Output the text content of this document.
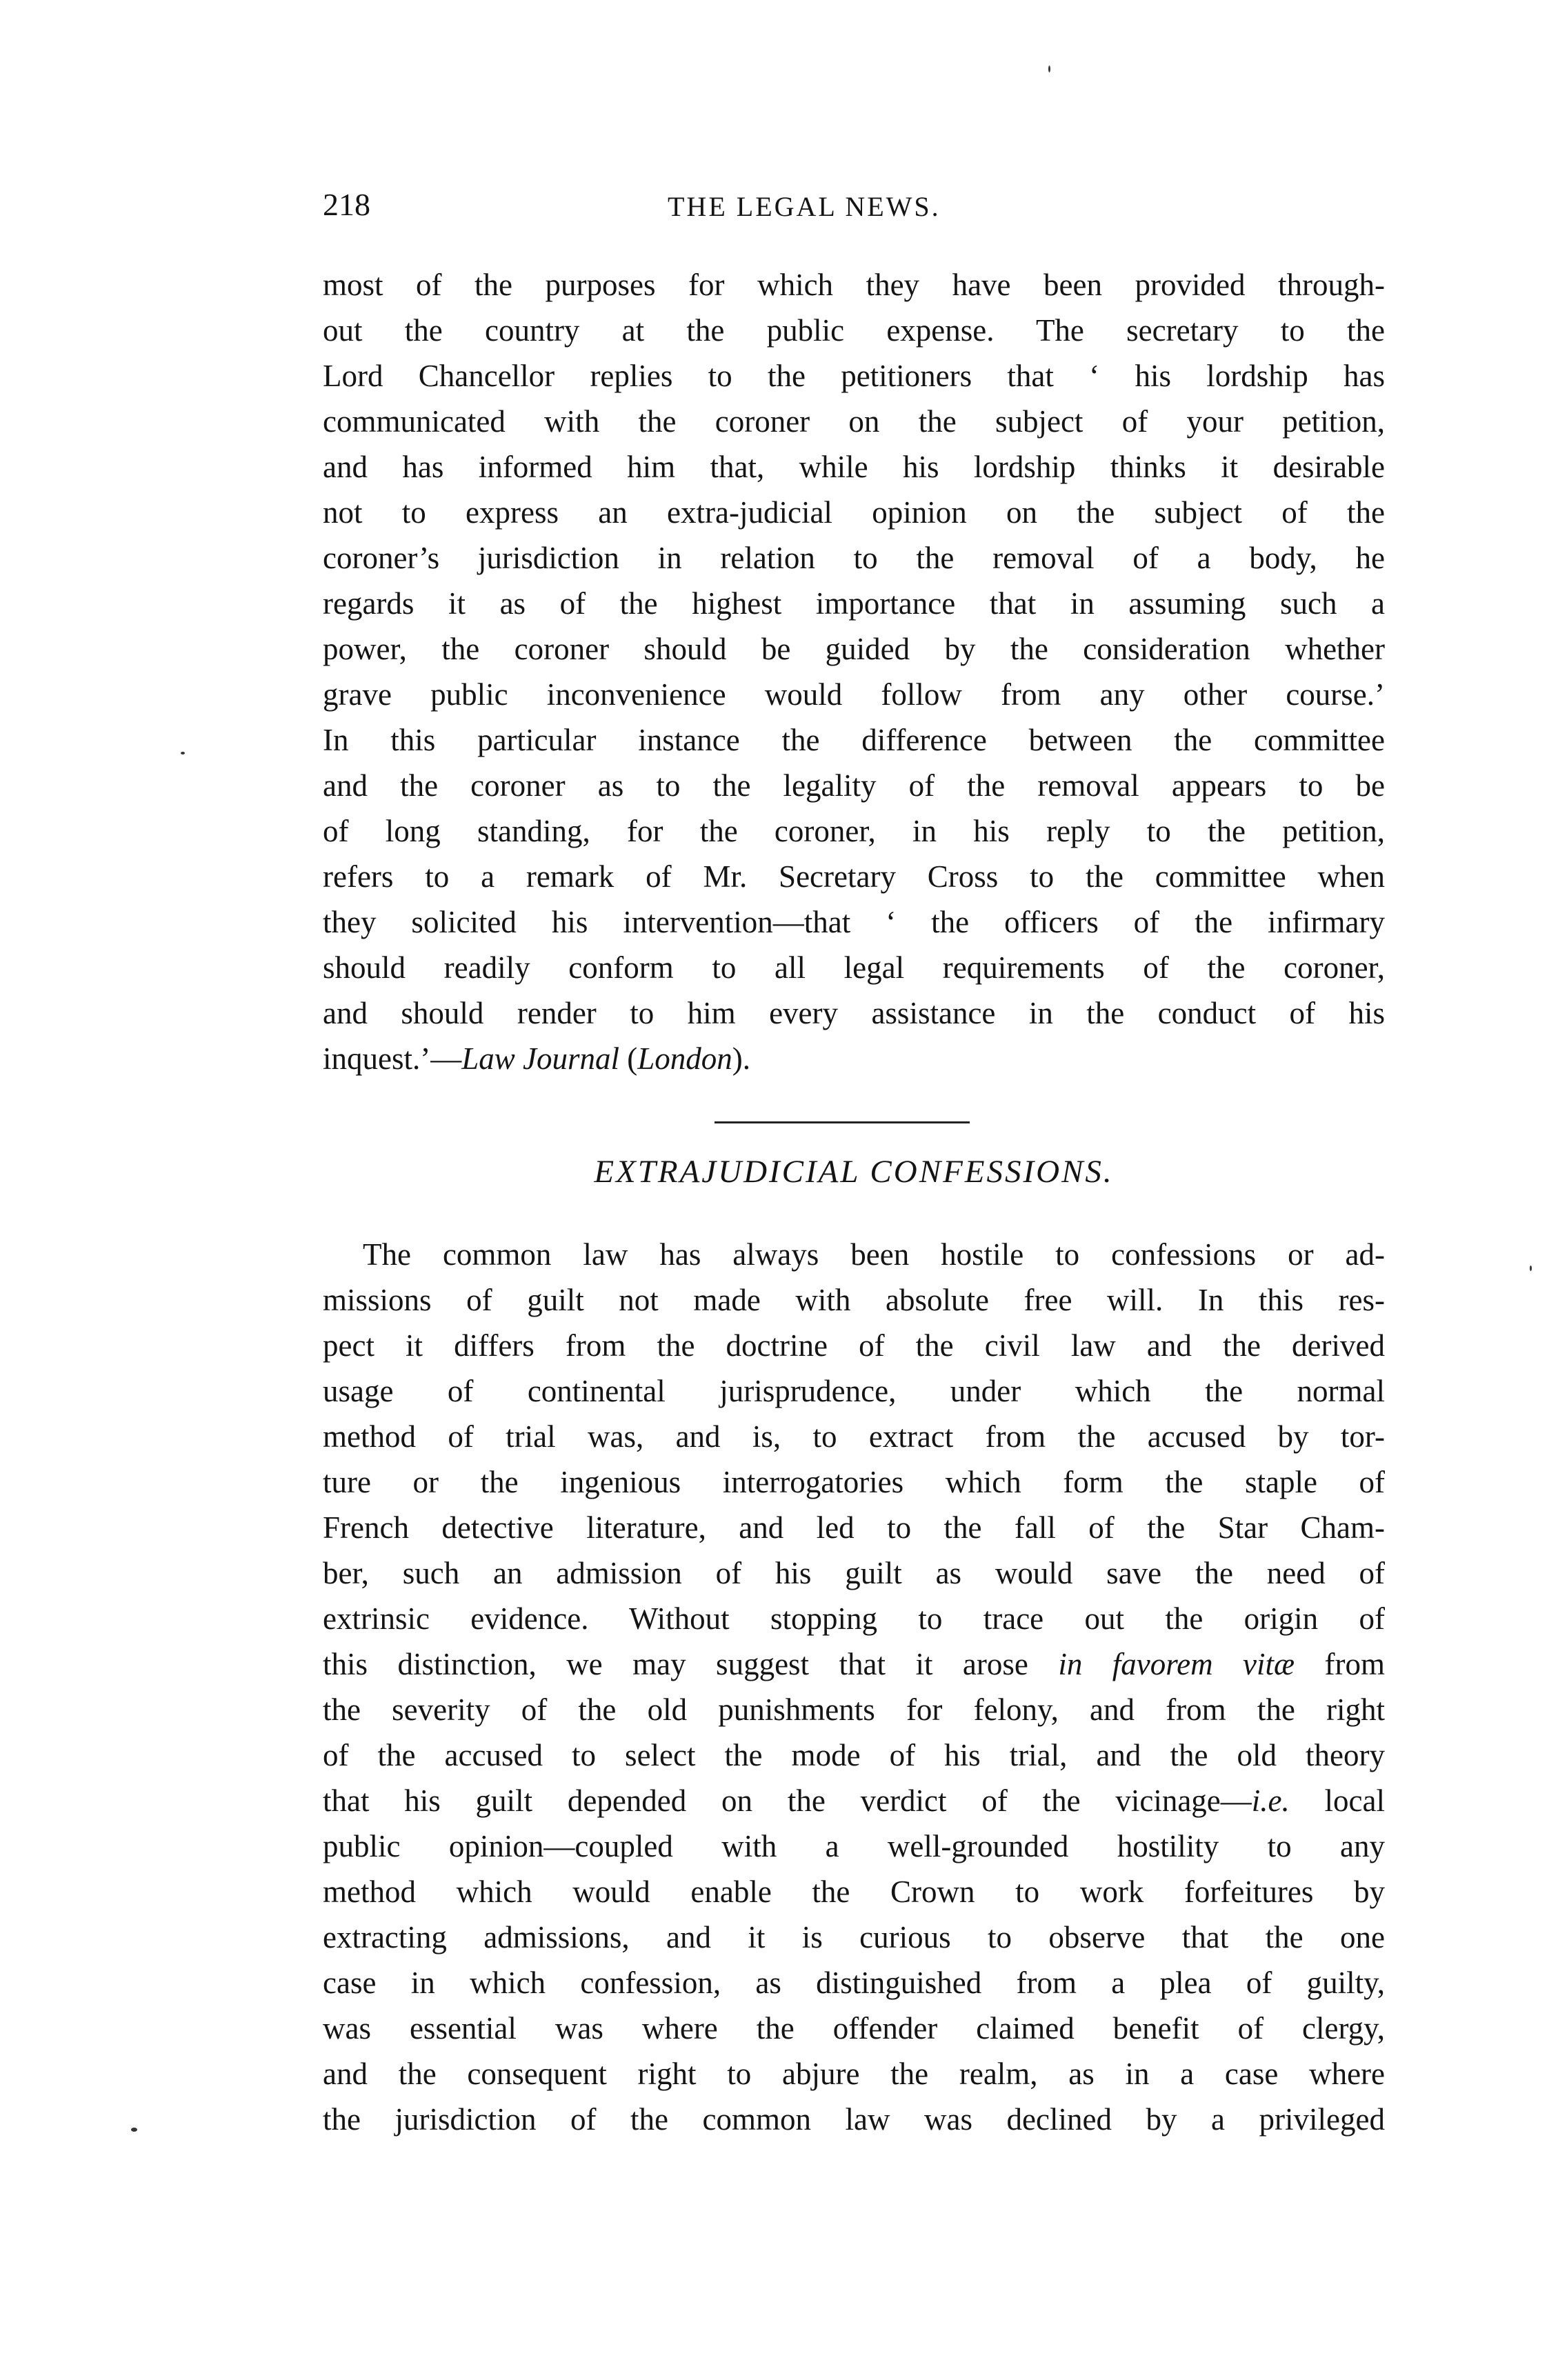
218	THE LEGAL NEWS.
most of the purposes for which they have been provided through-
out the country at the public expense. The secretary to the
Lord Chancellor replies to the petitioners that ‘ his lordship has
communicated with the coroner on the subject of your petition,
and has informed him that, while his lordship thinks it desirable
not to express an extra-judicial opinion on the subject of the
coroner’s jurisdiction in relation to the removal of a body, he
regards it as of the highest importance that in assuming such a
power, the coroner should be guided by the consideration whether
grave public inconvenience would follow from any other course.’
In this particular instance the difference between the committee
and the coroner as to the legality of the removal appears to be
of long standing, for the coroner, in his reply to the petition,
refers to a remark of Mr. Secretary Cross to the committee when
they solicited his intervention—that ‘ the officers of the infirmary
should readily conform to all legal requirements of the coroner,
and should render to him every assistance in the conduct of his
inquest.’—Law Journal (London).
EXTRAJUDICIAL CONFESSIONS.
The common law has always been hostile to confessions or ad-
missions of guilt not made with absolute free will. In this res-
pect it differs from the doctrine of the civil law and the derived
usage of continental jurisprudence, under which the normal
method of trial was, and is, to extract from the accused by tor-
ture or the ingenious interrogatories which form the staple of
French detective literature, and led to the fall of the Star Cham-
ber, such an admission of his guilt as would save the need of
extrinsic evidence. Without stopping to trace out the origin of
this distinction, we may suggest that it arose in favorem vitæ from
the severity of the old punishments for felony, and from the right
of the accused to select the mode of his trial, and the old theory
that his guilt depended on the verdict of the vicinage—i.e. local
public opinion—coupled with a well-grounded hostility to any
method which would enable the Crown to work forfeitures by
extracting admissions, and it is curious to observe that the one
case in which confession, as distinguished from a plea of guilty,
was essential was where the offender claimed benefit of clergy,
and the consequent right to abjure the realm, as in a case where
the jurisdiction of the common law was declined by a privileged
